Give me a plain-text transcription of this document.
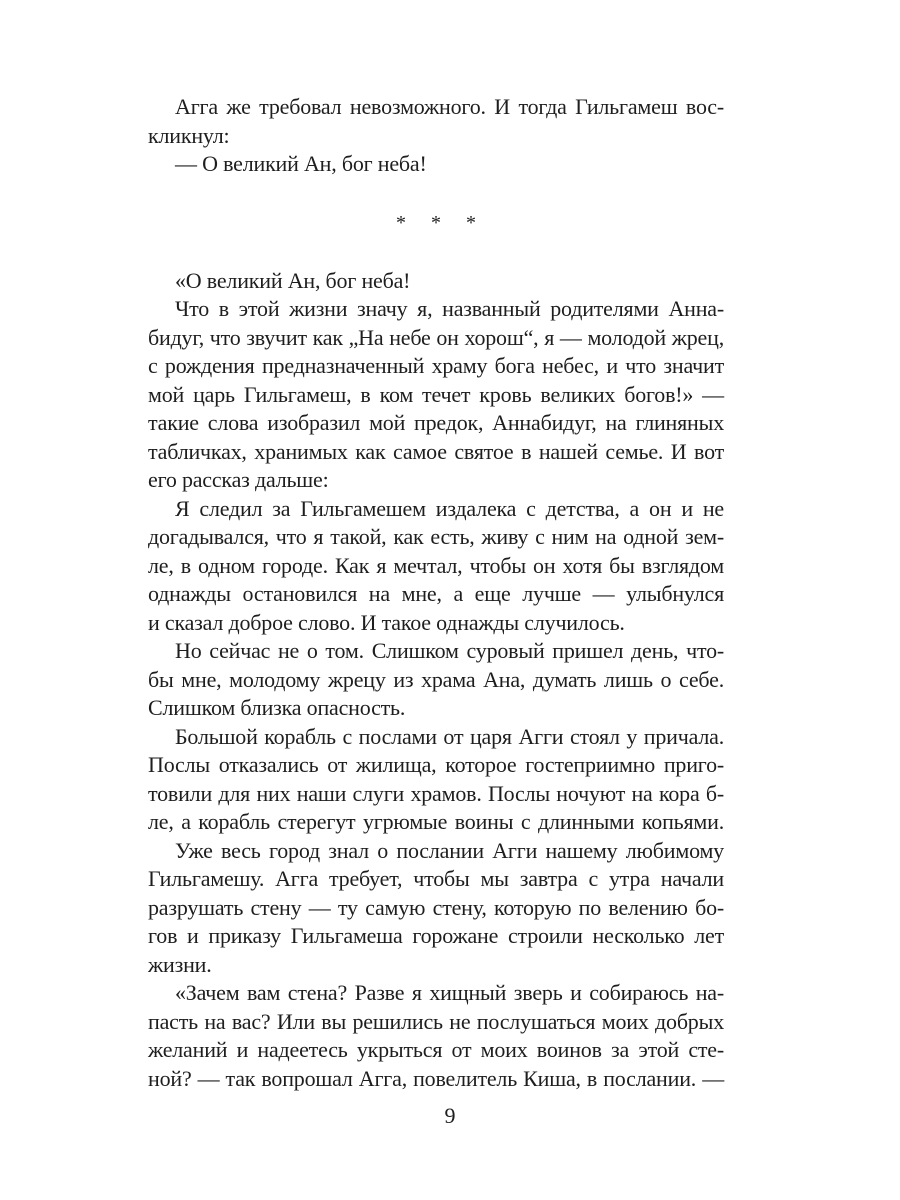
Агга же требовал невозможного. И тогда Гильгамеш вос-
кликнул:
— О великий Ан, бог неба!
* * *
«О великий Ан, бог неба!
Что в этой жизни значу я, названный родителями Анна-
бидуг, что звучит как „На небе он хорош“, я — молодой жрец,
с рождения предназначенный храму бога небес, и что значит
мой царь Гильгамеш, в ком течет кровь великих богов!» —
такие слова изобразил мой предок, Аннабидуг, на глиняных
табличках, хранимых как самое святое в нашей семье. И вот
его рассказ дальше:
Я следил за Гильгамешем издалека с детства, а он и не
догадывался, что я такой, как есть, живу с ним на одной зем-
ле, в одном городе. Как я мечтал, чтобы он хотя бы взглядом
однажды остановился на мне, а еще лучше — улыбнулся
и сказал доброе слово. И такое однажды случилось.
Но сейчас не о том. Слишком суровый пришел день, что-
бы мне, молодому жрецу из храма Ана, думать лишь о себе.
Слишком близка опасность.
Большой корабль с послами от царя Агги стоял у причала.
Послы отказались от жилища, которое гостеприимно приго-
товили для них наши слуги храмов. Послы ночуют на кора б-
ле, а корабль стерегут угрюмые воины с длинными копьями.
Уже весь город знал о послании Агги нашему любимому
Гильгамешу. Агга требует, чтобы мы завтра с утра начали
разрушать стену — ту самую стену, которую по велению бо-
гов и приказу Гильгамеша горожане строили несколько лет
жизни.
«Зачем вам стена? Разве я хищный зверь и собираюсь на-
пасть на вас? Или вы решились не послушаться моих добрых
желаний и надеетесь укрыться от моих воинов за этой сте-
ной? — так вопрошал Агга, повелитель Киша, в послании. —
9
